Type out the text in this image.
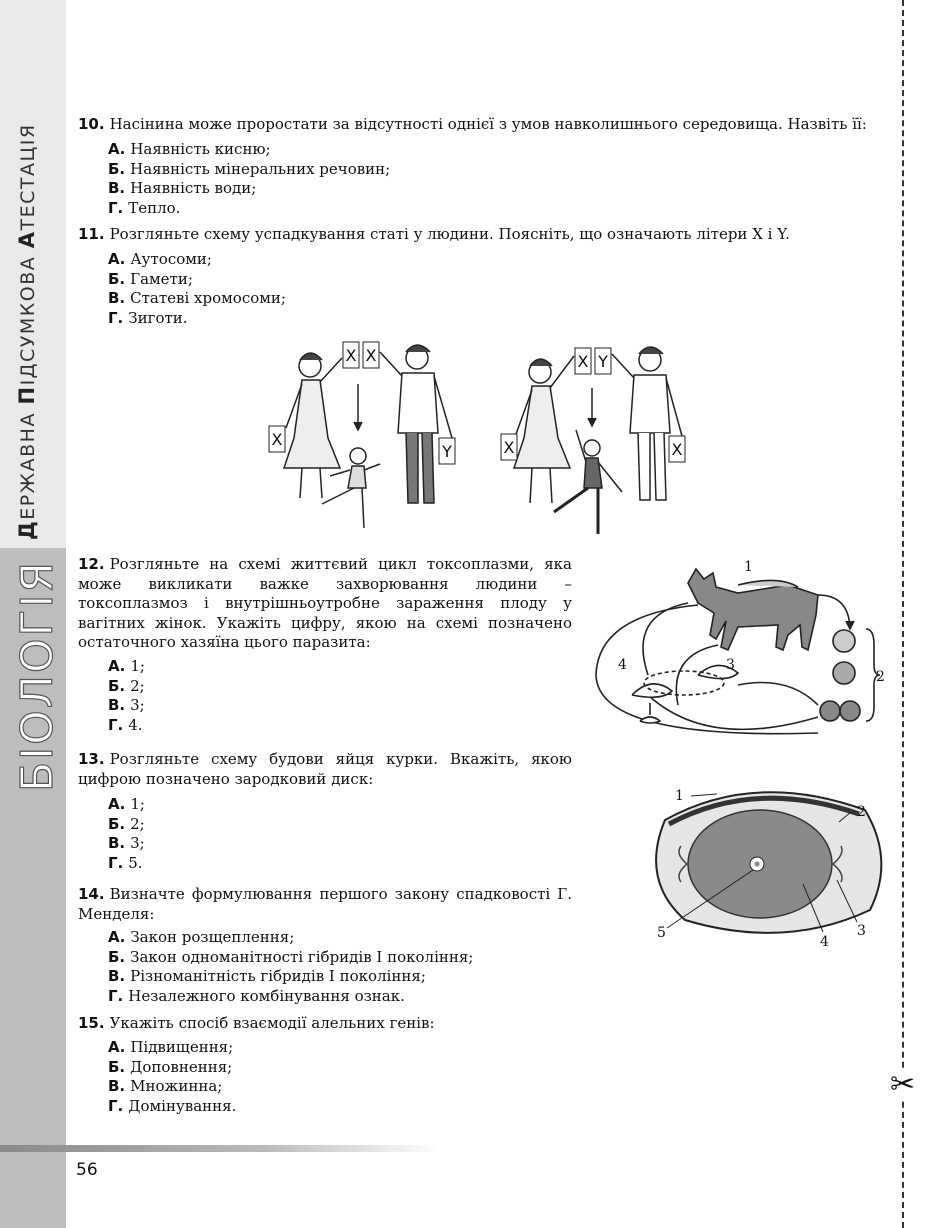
ДЕРЖАВНА ПІДСУМКОВА АТЕСТАЦІЯ
БІОЛОГІЯ
✂
10. Насінина може проростати за відсутності однієї з умов навколишнього середовища. Назвіть її:
А. Наявність кисню;
Б. Наявність мінеральних речовин;
В. Наявність води;
Г. Тепло.
11. Розгляньте схему успадкування статі у людини. Поясніть, що означають літери X і Y.
А. Аутосоми;
Б. Гамети;
В. Статеві хромосоми;
Г. Зиготи.
X X
X
Y
X Y
X	X
12. Розгляньте на схемі життєвий цикл токсоплазми, яка може викликати важке захворювання людини – токсоплазмоз і внутрішньоутробне зараження плоду у вагітних жінок. Укажіть цифру, якою на схемі позначено остаточного хазяїна цього паразита:
А. 1;
Б. 2;
В. 3;
Г. 4.
1
2
3
4
13. Розгляньте схему будови яйця курки. Вкажіть, якою цифрою позначено зародковий диск:
А. 1;
Б. 2;
В. 3;
Г. 5.
1
2
3
4
5
14. Визначте формулювання першого закону спадковості Г. Менделя:
А. Закон розщеплення;
Б. Закон одноманітності гібридів І покоління;
В. Різноманітність гібридів І покоління;
Г. Незалежного комбінування ознак.
15. Укажіть спосіб взаємодії алельних генів:
А. Підвищення;
Б. Доповнення;
В. Множинна;
Г. Домінування.
56
